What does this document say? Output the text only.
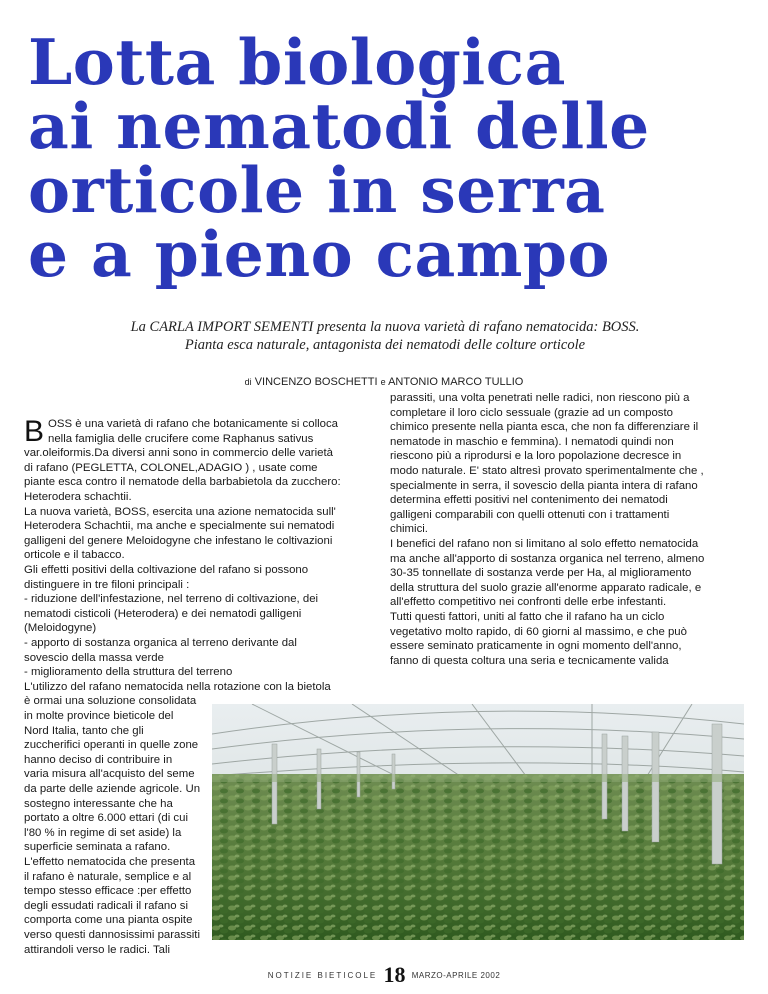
Lotta biologica
ai nematodi delle
orticole in serra
e a pieno campo
La CARLA IMPORT SEMENTI presenta la nuova varietà di rafano nematocida: BOSS.
Pianta esca naturale, antagonista dei nematodi delle colture orticole
di VINCENZO BOSCHETTI e ANTONIO MARCO TULLIO
B OSS è una varietà di rafano che botanicamente si colloca

nella famiglia delle crucifere come Raphanus sativus

var.oleiformis.Da diversi anni sono in commercio delle varietà

di rafano (PEGLETTA, COLONEL,ADAGIO ) , usate come

piante esca contro il nematode della barbabietola da zucchero:

Heterodera schachtii.

La nuova varietà, BOSS, esercita una azione nematocida sull'

Heterodera Schachtii, ma anche e specialmente sui nematodi

galligeni del genere Meloidogyne che infestano le coltivazioni

orticole e il tabacco.

Gli effetti positivi della coltivazione del rafano si possono

distinguere in tre filoni principali :

- riduzione dell'infestazione, nel terreno di coltivazione, dei

nematodi cisticoli (Heterodera) e dei nematodi galligeni

(Meloidogyne)

- apporto di sostanza organica al terreno derivante dal

sovescio della massa verde

- miglioramento della struttura del terreno

L'utilizzo del rafano nematocida nella rotazione con la bietola

è ormai una soluzione consolidata

in molte province bieticole del

Nord Italia, tanto che gli

zuccherifici operanti in quelle zone

hanno deciso di contribuire in

varia misura all'acquisto del seme

da parte delle aziende agricole. Un

sostegno interessante che ha

portato a oltre 6.000 ettari (di cui

l'80 % in regime di set aside) la

superficie seminata a rafano.

L'effetto nematocida che presenta

il rafano è naturale, semplice e al

tempo stesso efficace :per effetto

degli essudati radicali il rafano si

comporta come una pianta ospite

verso questi dannosissimi parassiti

attirandoli verso le radici. Tali

parassiti, una volta penetrati nelle radici, non riescono più a

completare il loro ciclo sessuale (grazie ad un composto

chimico presente nella pianta esca, che non fa differenziare il

nematode in maschio e femmina). I nematodi quindi non

riescono più a riprodursi e la loro popolazione decresce in

modo naturale. E' stato altresì provato sperimentalmente che ,

specialmente in serra, il sovescio della pianta intera di rafano

determina effetti positivi nel contenimento dei nematodi

galligeni comparabili con quelli ottenuti con i trattamenti

chimici.

I benefici del rafano non si limitano al solo effetto nematocida

ma anche all'apporto di sostanza organica nel terreno, almeno

30-35 tonnellate di sostanza verde per Ha, al miglioramento

della struttura del suolo grazie all'enorme apparato radicale, e

all'effetto competitivo nei confronti delle erbe infestanti.

Tutti questi fattori, uniti al fatto che il rafano ha un ciclo

vegetativo molto rapido, di 60 giorni al massimo, e che può

essere seminato praticamente in ogni momento dell'anno,

fanno di questa coltura una seria e tecnicamente valida

NOTIZIE BIETICOLE 18 MARZO-APRILE 2002
